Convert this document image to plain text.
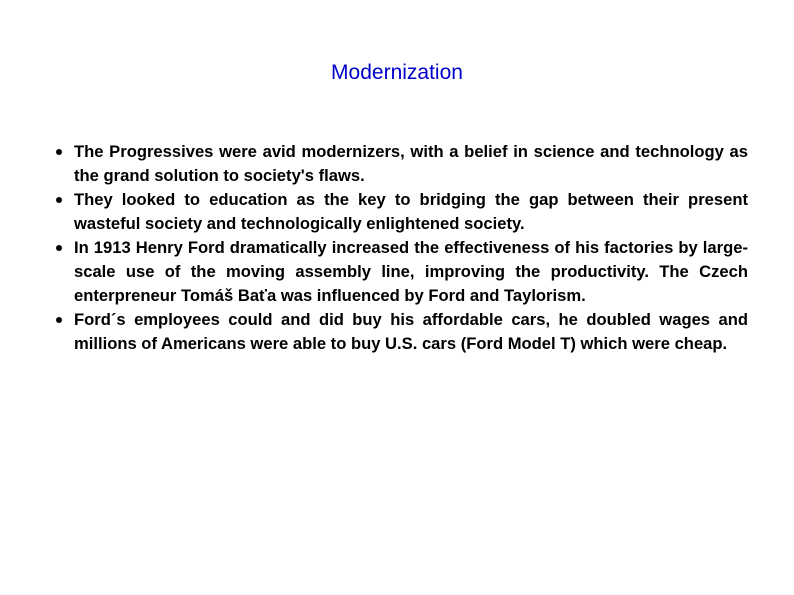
Modernization
The Progressives were avid modernizers, with a belief in science and technology as the grand solution to society's flaws.
They looked to education as the key to bridging the gap between their present wasteful society and technologically enlightened society.
In 1913 Henry Ford dramatically increased the effectiveness of his factories by large-scale use of the moving assembly line, improving the productivity. The Czech enterpreneur Tomáš Baťa was influenced by Ford and Taylorism.
Ford´s employees could and did buy his affordable cars, he doubled wages and millions of Americans were able to buy U.S. cars (Ford Model T) which were cheap.
